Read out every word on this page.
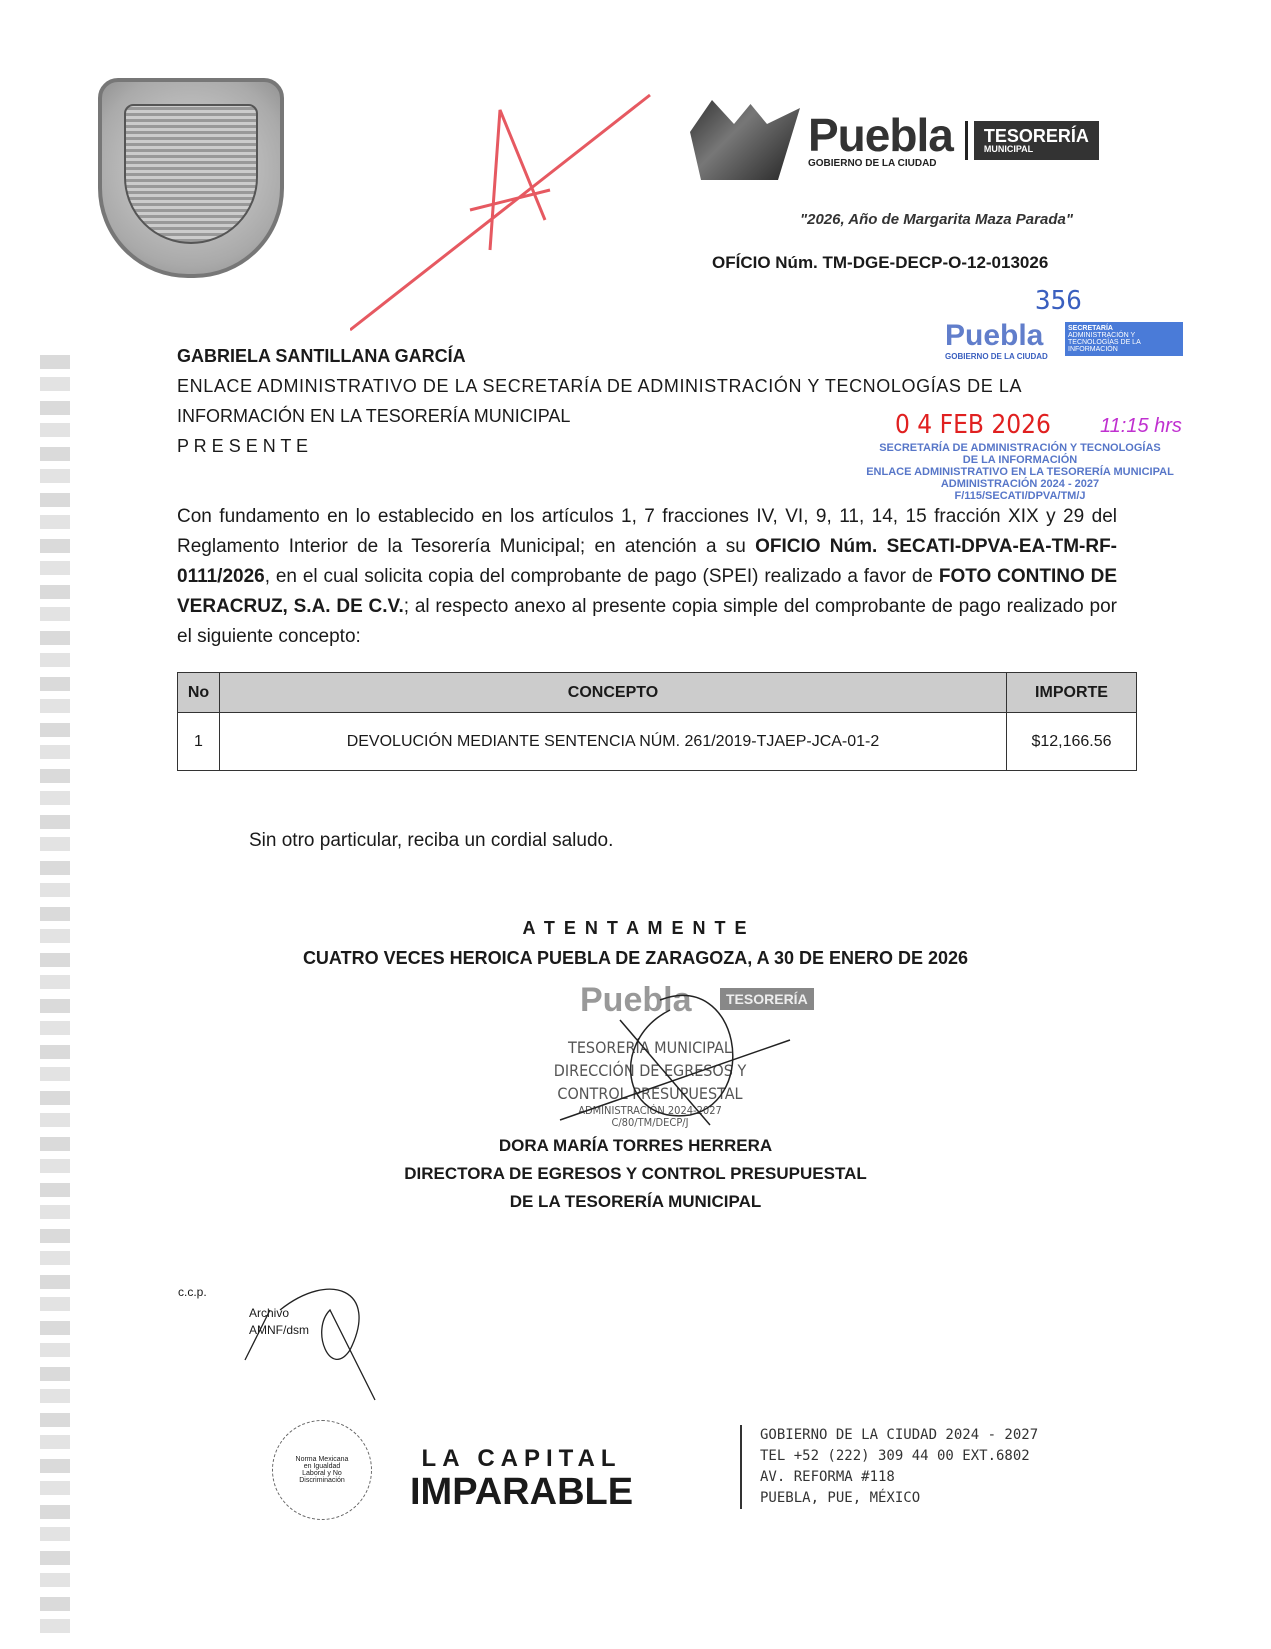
Puebla
GOBIERNO DE LA CIUDAD
TESORERÍA
MUNICIPAL
"2026, Año de Margarita Maza Parada"
OFÍCIO Núm. TM-DGE-DECP-O-12-013026
GABRIELA SANTILLANA GARCÍA
ENLACE ADMINISTRATIVO DE LA SECRETARÍA DE ADMINISTRACIÓN Y TECNOLOGÍAS DE LA
INFORMACIÓN EN LA TESORERÍA MUNICIPAL
P R E S E N T E
356
Puebla
GOBIERNO DE LA CIUDAD
SECRETARÍA
ADMINISTRACIÓN Y TECNOLOGÍAS DE LA INFORMACIÓN
0 4 FEB 2026 11:15 hrs
SECRETARÍA DE ADMINISTRACIÓN Y TECNOLOGÍAS
DE LA INFORMACIÓN
ENLACE ADMINISTRATIVO EN LA TESORERÍA MUNICIPAL
ADMINISTRACIÓN 2024 - 2027
F/115/SECATI/DPVA/TM/J
Con fundamento en lo establecido en los artículos 1, 7 fracciones IV, VI, 9, 11, 14, 15 fracción XIX y 29 del Reglamento Interior de la Tesorería Municipal; en atención a su OFICIO Núm. SECATI-DPVA-EA-TM-RF-0111/2026, en el cual solicita copia del comprobante de pago (SPEI) realizado a favor de FOTO CONTINO DE VERACRUZ, S.A. DE C.V.; al respecto anexo al presente copia simple del comprobante de pago realizado por el siguiente concepto:
No	CONCEPTO	IMPORTE
1	DEVOLUCIÓN MEDIANTE SENTENCIA NÚM. 261/2019-TJAEP-JCA-01-2	$12,166.56
Sin otro particular, reciba un cordial saludo.
A T E N T A M E N T E
CUATRO VECES HEROICA PUEBLA DE ZARAGOZA, A 30 DE ENERO DE 2026
Puebla	TESORERÍA
TESORERÍA MUNICIPAL
DIRECCIÓN DE EGRESOS Y
CONTROL PRESUPUESTAL
ADMINISTRACIÓN 2024-2027
C/80/TM/DECP/J
DORA MARÍA TORRES HERRERA
DIRECTORA DE EGRESOS Y CONTROL PRESUPUESTAL
DE LA TESORERÍA MUNICIPAL
c.c.p.
Archivo
AMNF/dsm
Norma Mexicana en Igualdad Laboral y No Discriminación
LA CAPITAL
IMPARABLE
GOBIERNO DE LA CIUDAD 2024 - 2027
TEL +52 (222) 309 44 00 EXT.6802
AV. REFORMA #118
PUEBLA, PUE, MÉXICO
